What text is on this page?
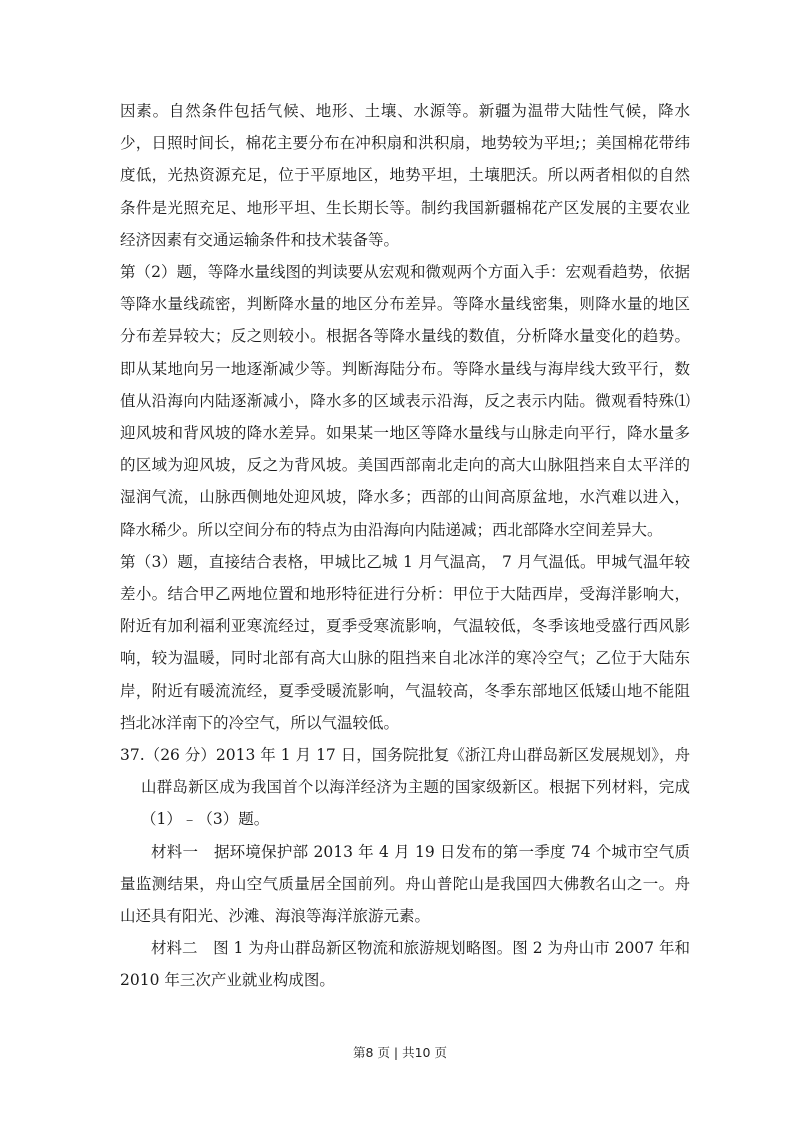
因素。自然条件包括气候、地形、土壤、水源等。新疆为温带大陆性气候，降水少，日照时间长，棉花主要分布在冲积扇和洪积扇，地势较为平坦;；美国棉花带纬度低，光热资源充足，位于平原地区，地势平坦，土壤肥沃。所以两者相似的自然条件是光照充足、地形平坦、生长期长等。制约我国新疆棉花产区发展的主要农业经济因素有交通运输条件和技术装备等。

第（2）题，等降水量线图的判读要从宏观和微观两个方面入手：宏观看趋势，依据等降水量线疏密，判断降水量的地区分布差异。等降水量线密集，则降水量的地区分布差异较大；反之则较小。根据各等降水量线的数值，分析降水量变化的趋势。即从某地向另一地逐渐减少等。判断海陆分布。等降水量线与海岸线大致平行，数值从沿海向内陆逐渐减小，降水多的区域表示沿海，反之表示内陆。微观看特殊⑴迎风坡和背风坡的降水差异。如果某一地区等降水量线与山脉走向平行，降水量多的区域为迎风坡，反之为背风坡。美国西部南北走向的高大山脉阻挡来自太平洋的湿润气流，山脉西侧地处迎风坡，降水多；西部的山间高原盆地，水汽难以进入，降水稀少。所以空间分布的特点为由沿海向内陆递减；西北部降水空间差异大。

第（3）题，直接结合表格，甲城比乙城 1 月气温高， 7 月气温低。甲城气温年较差小。结合甲乙两地位置和地形特征进行分析：甲位于大陆西岸，受海洋影响大，附近有加利福利亚寒流经过，夏季受寒流影响，气温较低，冬季该地受盛行西风影响，较为温暖，同时北部有高大山脉的阻挡来自北冰洋的寒冷空气；乙位于大陆东岸，附近有暖流流经，夏季受暖流影响，气温较高，冬季东部地区低矮山地不能阻挡北冰洋南下的冷空气，所以气温较低。

37.（26 分）2013 年 1 月 17 日，国务院批复《浙江舟山群岛新区发展规划》，舟山群岛新区成为我国首个以海洋经济为主题的国家级新区。根据下列材料，完成（1）﹣（3）题。

材料一　据环境保护部 2013 年 4 月 19 日发布的第一季度 74 个城市空气质量监测结果，舟山空气质量居全国前列。舟山普陀山是我国四大佛教名山之一。舟山还具有阳光、沙滩、海浪等海洋旅游元素。

材料二　图 1 为舟山群岛新区物流和旅游规划略图。图 2 为舟山市 2007 年和 2010 年三次产业就业构成图。

第8 页 | 共10 页
